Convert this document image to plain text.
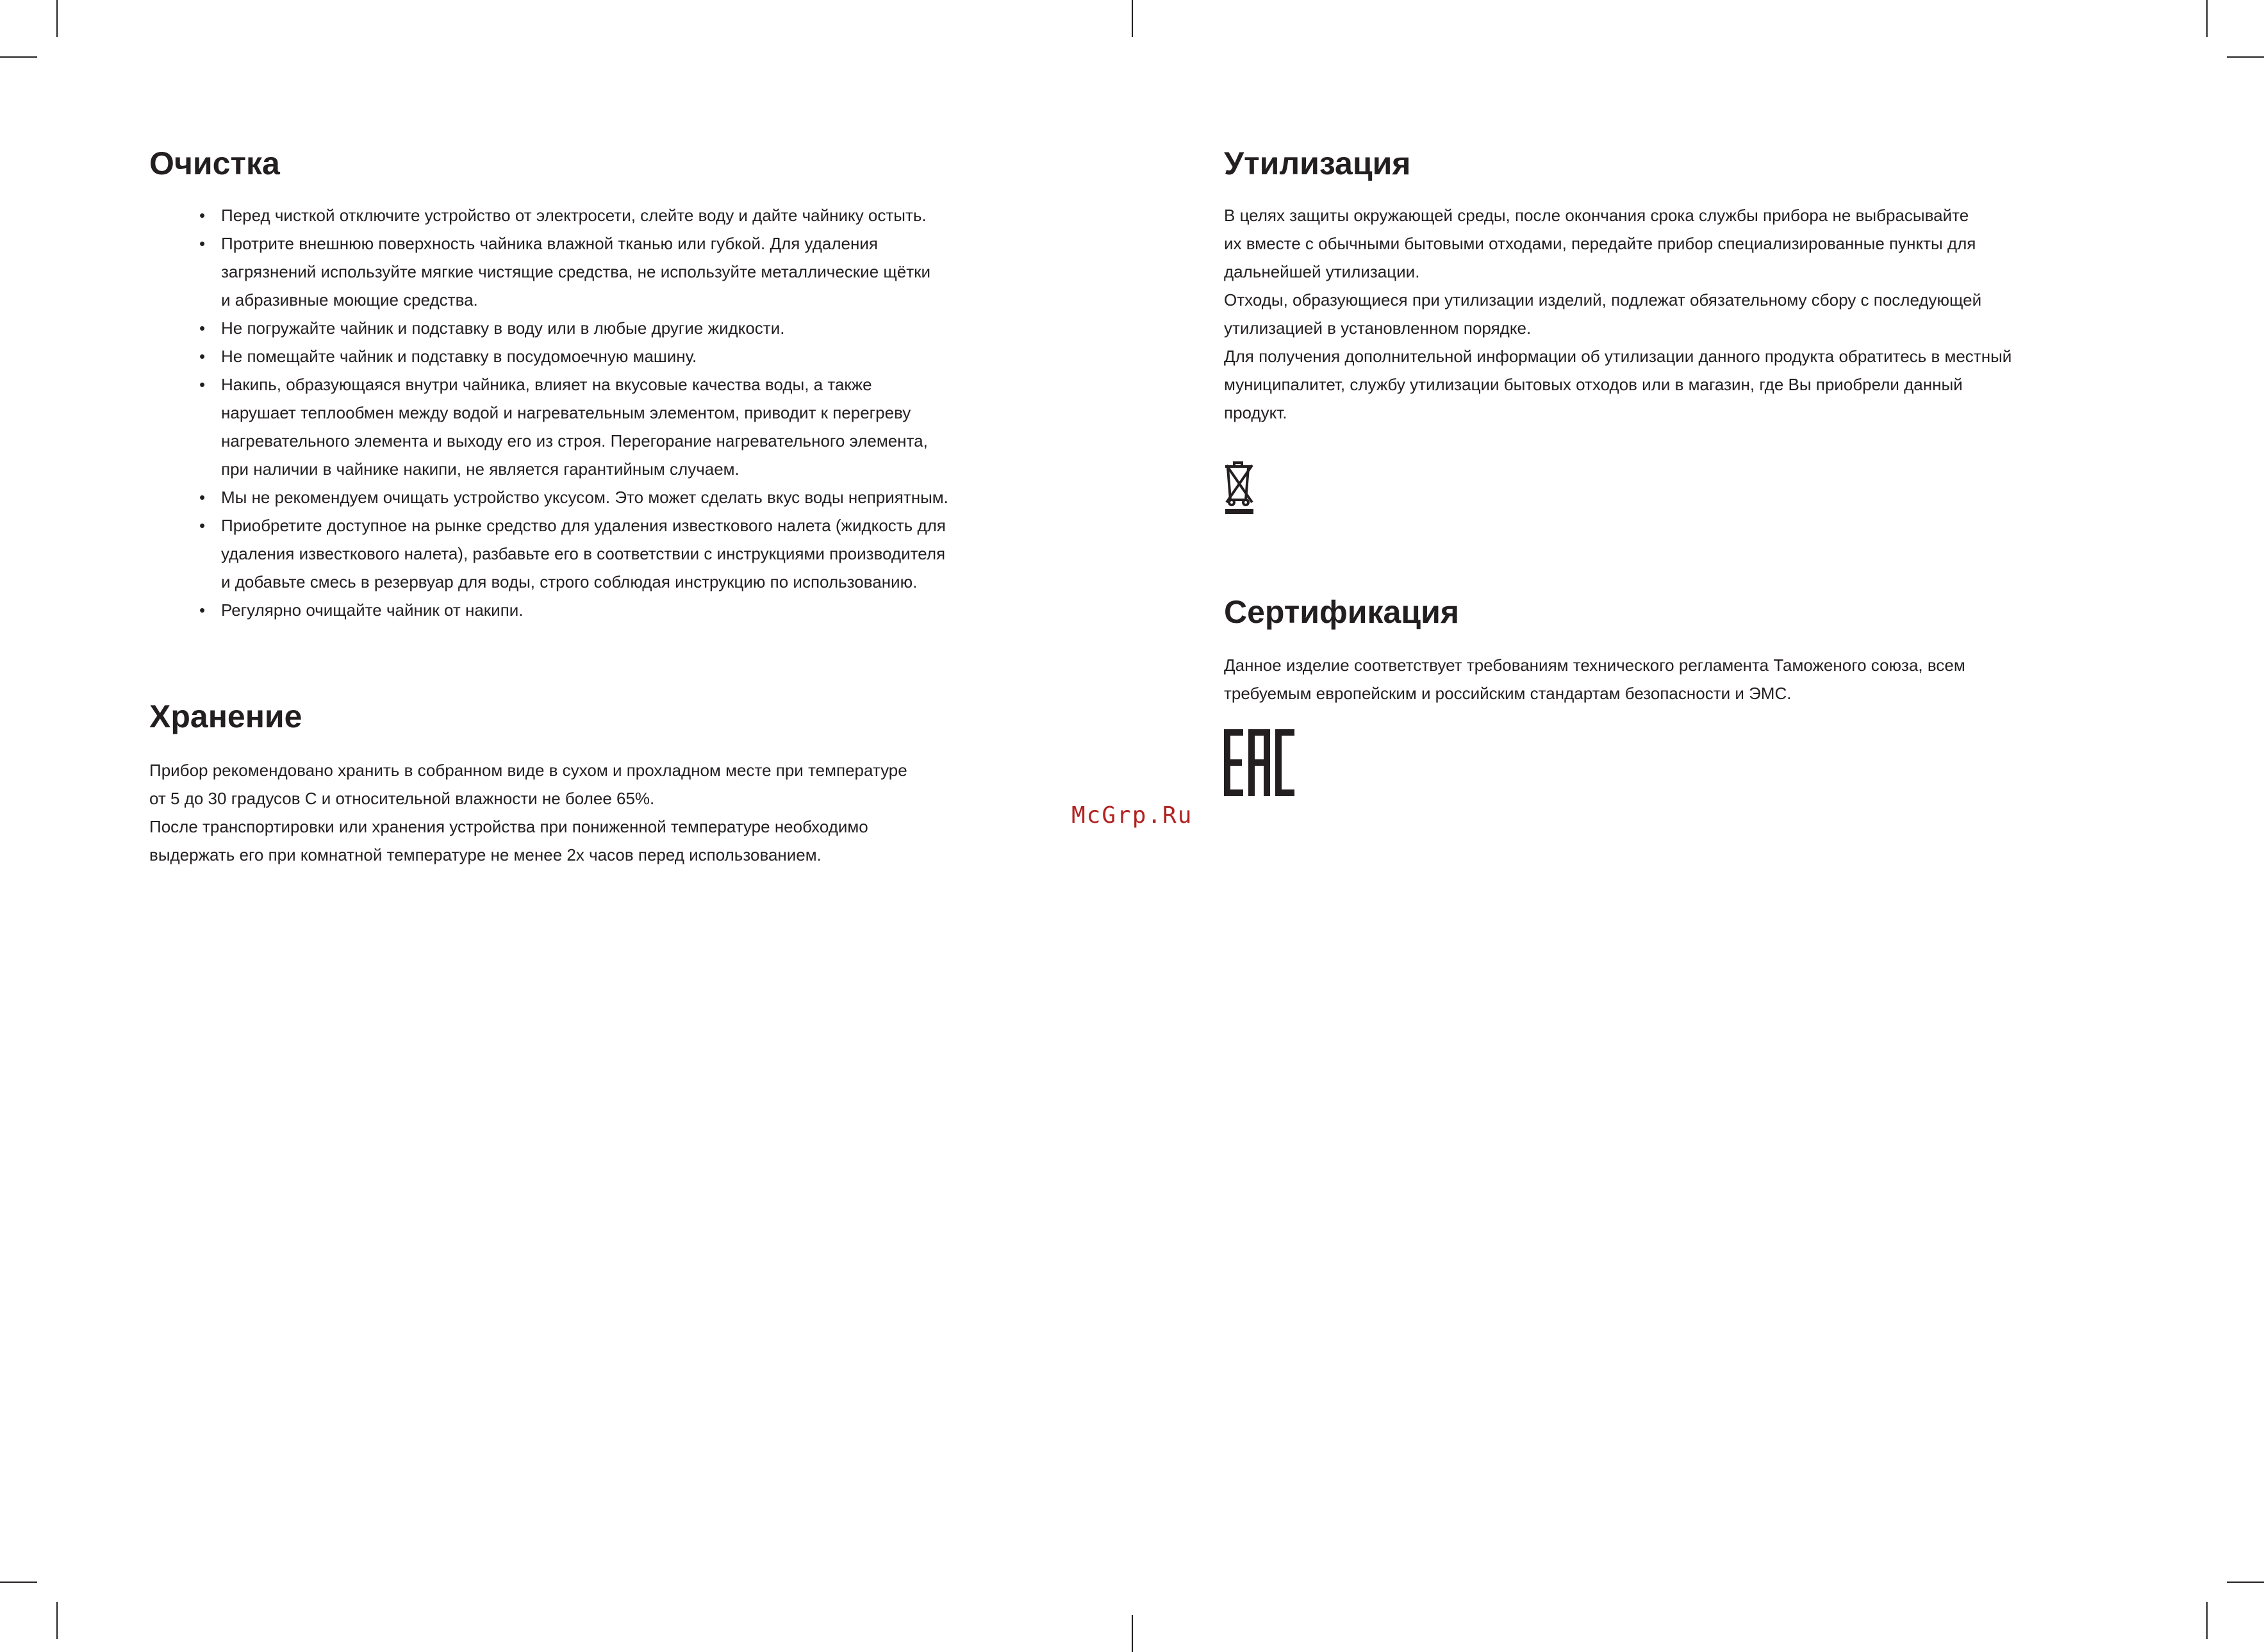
Очистка
• Перед чисткой отключите устройство от электросети, слейте воду и дайте чайнику остыть.
• Протрите внешнюю поверхность чайника влажной тканью или губкой. Для удаления
загрязнений используйте мягкие чистящие средства, не используйте металлические щётки
и абразивные моющие средства.
• Не погружайте чайник и подставку в воду или в любые другие жидкости.
• Не помещайте чайник и подставку в посудомоечную машину.
• Накипь, образующаяся внутри чайника, влияет на вкусовые качества воды, а также
нарушает теплообмен между водой и нагревательным элементом, приводит к перегреву
нагревательного элемента и выходу его из строя. Перегорание нагревательного элемента,
при наличии в чайнике накипи, не является гарантийным случаем.
• Мы не рекомендуем очищать устройство уксусом. Это может сделать вкус воды неприятным.
• Приобретите доступное на рынке средство для удаления известкового налета (жидкость для
удаления известкового налета), разбавьте его в соответствии с инструкциями производителя
и добавьте смесь в резервуар для воды, строго соблюдая инструкцию по использованию.
• Регулярно очищайте чайник от накипи.
Хранение

Прибор рекомендовано хранить в собранном виде в сухом и прохладном месте при температуре
от 5 до 30 градусов С и относительной влажности не более 65%.
После транспортировки или хранения устройства при пониженной температуре необходимо
выдержать его при комнатной температуре не менее 2х часов перед использованием.

McGrp.Ru
Утилизация

В целях защиты окружающей среды, после окончания срока службы прибора не выбрасывайте
их вместе с обычными бытовыми отходами, передайте прибор специализированные пункты для
дальнейшей утилизации.
Отходы, образующиеся при утилизации изделий, подлежат обязательному сбору с последующей
утилизацией в установленном порядке.
Для получения дополнительной информации об утилизации данного продукта обратитесь в местный
муниципалитет, службу утилизации бытовых отходов или в магазин, где Вы приобрели данный
продукт.

Сертификация

Данное изделие соответствует требованиям технического регламента Таможеного союза, всем
требуемым европейским и российским стандартам безопасности и ЭМС.
